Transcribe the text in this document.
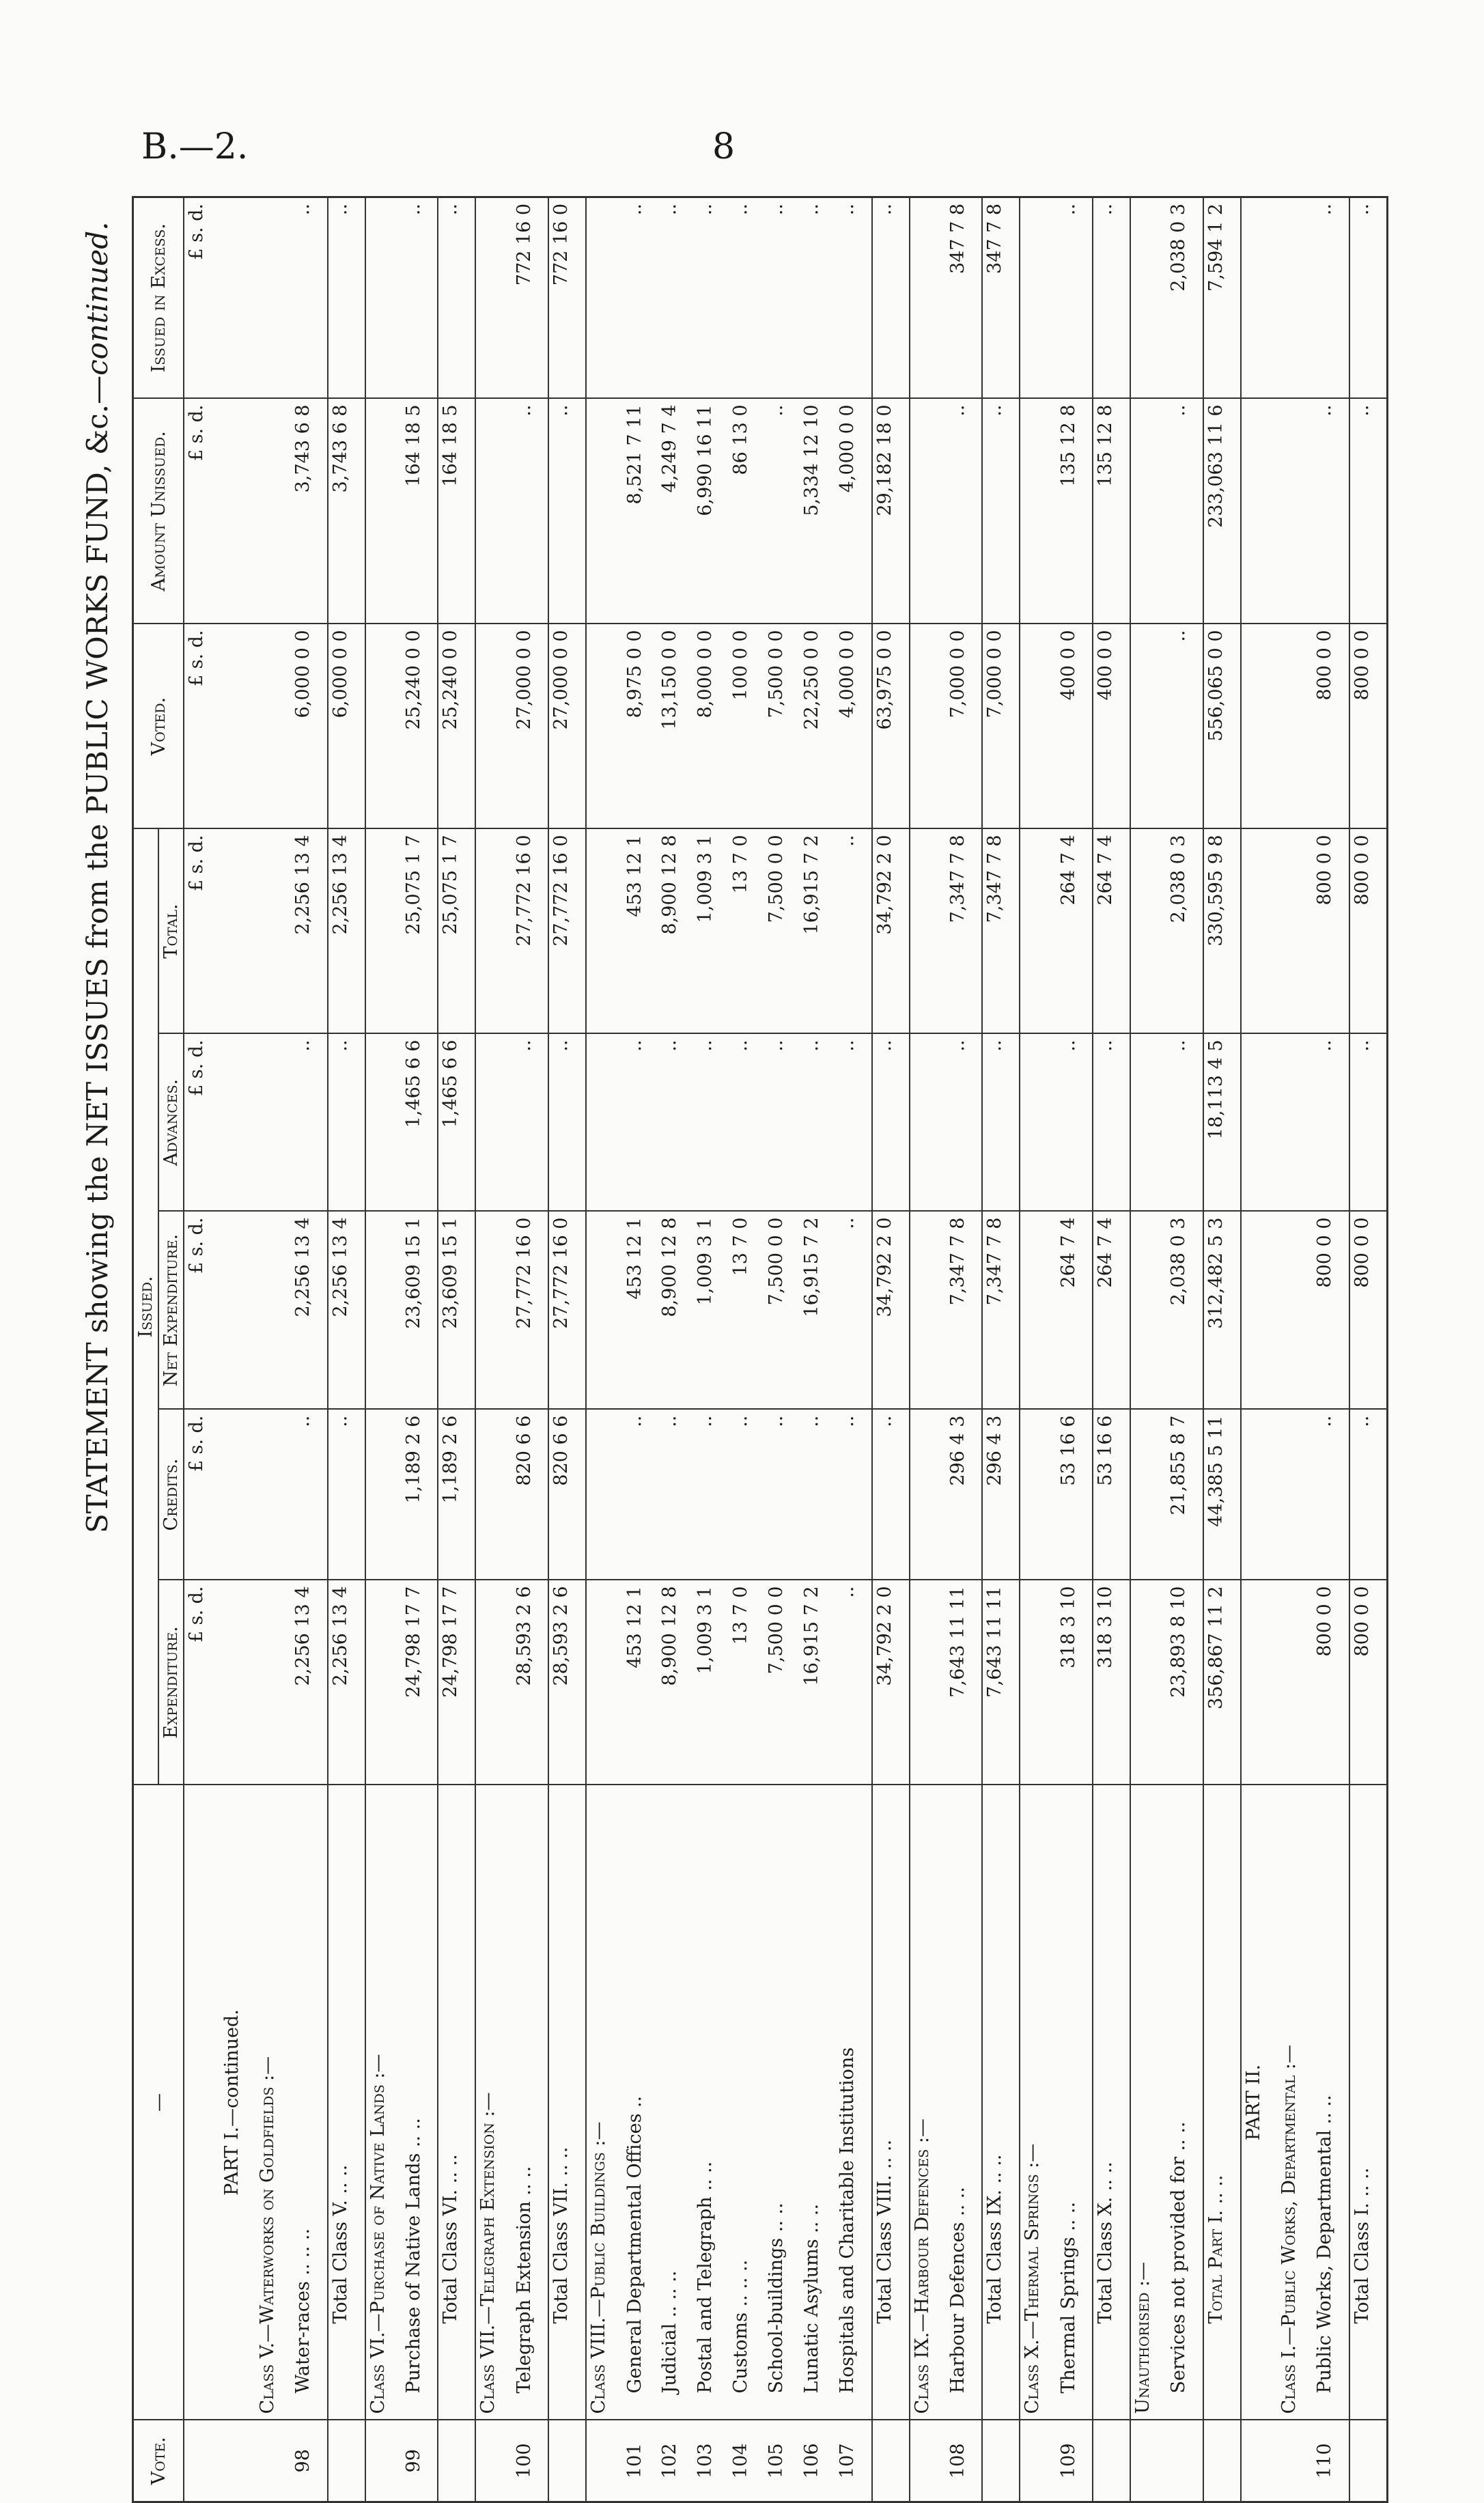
B.—2.	8
STATEMENT showing the NET ISSUES from the PUBLIC WORKS FUND, &c.—continued.
Vote.	—	Issued.					Voted.	Amount Unissued.	Issued in Excess.
		Expenditure.	Credits.	Net Expenditure.	Advances.	Total.			
		£ s. d.	£ s. d.	£ s. d.	£ s. d.	£ s. d.	£ s. d.	£ s. d.	£ s. d.
	PART I.—continued.								
	Class V.—Waterworks on Goldfields :—								
98	Water-races .. .. ..	2,256 13 4	..	2,256 13 4	..	2,256 13 4	6,000 0 0	3,743 6 8	..
	Total Class V. .. ..	2,256 13 4	..	2,256 13 4	..	2,256 13 4	6,000 0 0	3,743 6 8	..
	Class VI.—Purchase of Native Lands :—								
99	Purchase of Native Lands .. ..	24,798 17 7	1,189 2 6	23,609 15 1	1,465 6 6	25,075 1 7	25,240 0 0	164 18 5	..
	Total Class VI. .. ..	24,798 17 7	1,189 2 6	23,609 15 1	1,465 6 6	25,075 1 7	25,240 0 0	164 18 5	..
	Class VII.—Telegraph Extension :—								
100	Telegraph Extension .. ..	28,593 2 6	820 6 6	27,772 16 0	..	27,772 16 0	27,000 0 0	..	772 16 0
	Total Class VII. .. ..	28,593 2 6	820 6 6	27,772 16 0	..	27,772 16 0	27,000 0 0	..	772 16 0
	Class VIII.—Public Buildings :—								
101	General Departmental Offices ..	453 12 1	..	453 12 1	..	453 12 1	8,975 0 0	8,521 7 11	..
102	Judicial .. .. ..	8,900 12 8	..	8,900 12 8	..	8,900 12 8	13,150 0 0	4,249 7 4	..
103	Postal and Telegraph .. ..	1,009 3 1	..	1,009 3 1	..	1,009 3 1	8,000 0 0	6,990 16 11	..
104	Customs .. .. ..	13 7 0	..	13 7 0	..	13 7 0	100 0 0	86 13 0	..
105	School-buildings .. ..	7,500 0 0	..	7,500 0 0	..	7,500 0 0	7,500 0 0	..	..
106	Lunatic Asylums .. ..	16,915 7 2	..	16,915 7 2	..	16,915 7 2	22,250 0 0	5,334 12 10	..
107	Hospitals and Charitable Institutions	..	..	..	..	..	4,000 0 0	4,000 0 0	..
	Total Class VIII. .. ..	34,792 2 0	..	34,792 2 0	..	34,792 2 0	63,975 0 0	29,182 18 0	..
	Class IX.—Harbour Defences :—								
108	Harbour Defences .. ..	7,643 11 11	296 4 3	7,347 7 8	..	7,347 7 8	7,000 0 0	..	347 7 8
	Total Class IX. .. ..	7,643 11 11	296 4 3	7,347 7 8	..	7,347 7 8	7,000 0 0	..	347 7 8
	Class X.—Thermal Springs :—								
109	Thermal Springs .. ..	318 3 10	53 16 6	264 7 4	..	264 7 4	400 0 0	135 12 8	..
	Total Class X. .. ..	318 3 10	53 16 6	264 7 4	..	264 7 4	400 0 0	135 12 8	..
	Unauthorised :—								
	Services not provided for .. ..	23,893 8 10	21,855 8 7	2,038 0 3	..	2,038 0 3	..	..	2,038 0 3
	Total Part I. .. ..	356,867 11 2	44,385 5 11	312,482 5 3	18,113 4 5	330,595 9 8	556,065 0 0	233,063 11 6	7,594 1 2
	PART II.								
	Class I.—Public Works, Departmental :—								
110	Public Works, Departmental .. ..	800 0 0	..	800 0 0	..	800 0 0	800 0 0	..	..
	Total Class I. .. ..	800 0 0	..	800 0 0	..	800 0 0	800 0 0	..	..
